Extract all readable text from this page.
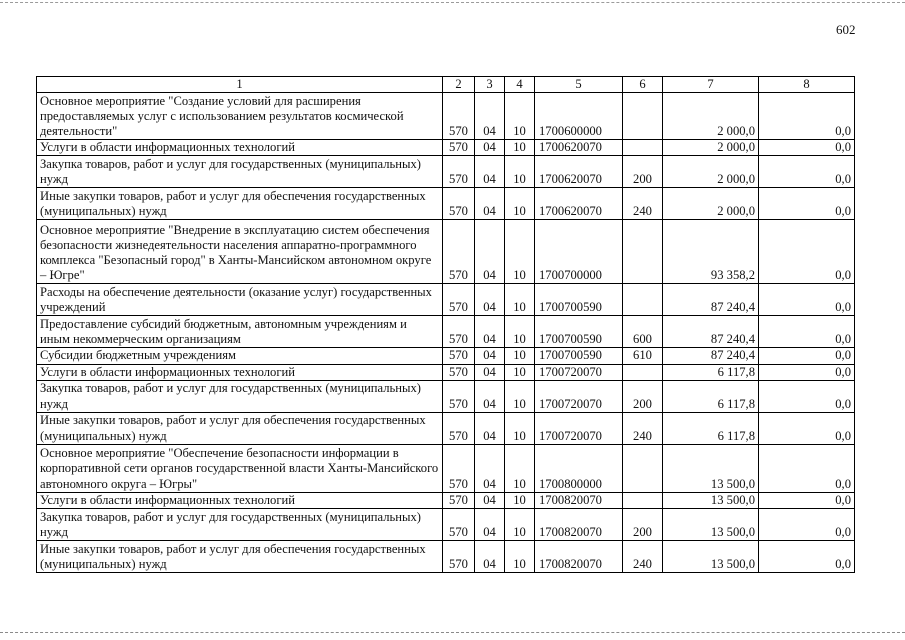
602
1	2	3	4	5	6	7	8
Основное мероприятие "Создание условий для расширения предоставляемых услуг с использованием результатов космической деятельности"	570	04	10	1700600000		2 000,0	0,0
Услуги в области информационных технологий	570	04	10	1700620070		2 000,0	0,0
Закупка товаров, работ и услуг для государственных (муниципальных) нужд	570	04	10	1700620070	200	2 000,0	0,0
Иные закупки товаров, работ и услуг для обеспечения государственных (муниципальных) нужд	570	04	10	1700620070	240	2 000,0	0,0
Основное мероприятие "Внедрение в эксплуатацию систем обеспечения безопасности жизнедеятельности населения аппаратно-программного комплекса "Безопасный город" в Ханты-Мансийском автономном округе – Югре"	570	04	10	1700700000		93 358,2	0,0
Расходы на обеспечение деятельности (оказание услуг) государственных учреждений	570	04	10	1700700590		87 240,4	0,0
Предоставление субсидий бюджетным, автономным учреждениям и иным некоммерческим организациям	570	04	10	1700700590	600	87 240,4	0,0
Субсидии бюджетным учреждениям	570	04	10	1700700590	610	87 240,4	0,0
Услуги в области информационных технологий	570	04	10	1700720070		6 117,8	0,0
Закупка товаров, работ и услуг для государственных (муниципальных) нужд	570	04	10	1700720070	200	6 117,8	0,0
Иные закупки товаров, работ и услуг для обеспечения государственных (муниципальных) нужд	570	04	10	1700720070	240	6 117,8	0,0
Основное мероприятие "Обеспечение безопасности информации в корпоративной сети органов государственной власти Ханты-Мансийского автономного округа – Югры"	570	04	10	1700800000		13 500,0	0,0
Услуги в области информационных технологий	570	04	10	1700820070		13 500,0	0,0
Закупка товаров, работ и услуг для государственных (муниципальных) нужд	570	04	10	1700820070	200	13 500,0	0,0
Иные закупки товаров, работ и услуг для обеспечения государственных (муниципальных) нужд	570	04	10	1700820070	240	13 500,0	0,0
